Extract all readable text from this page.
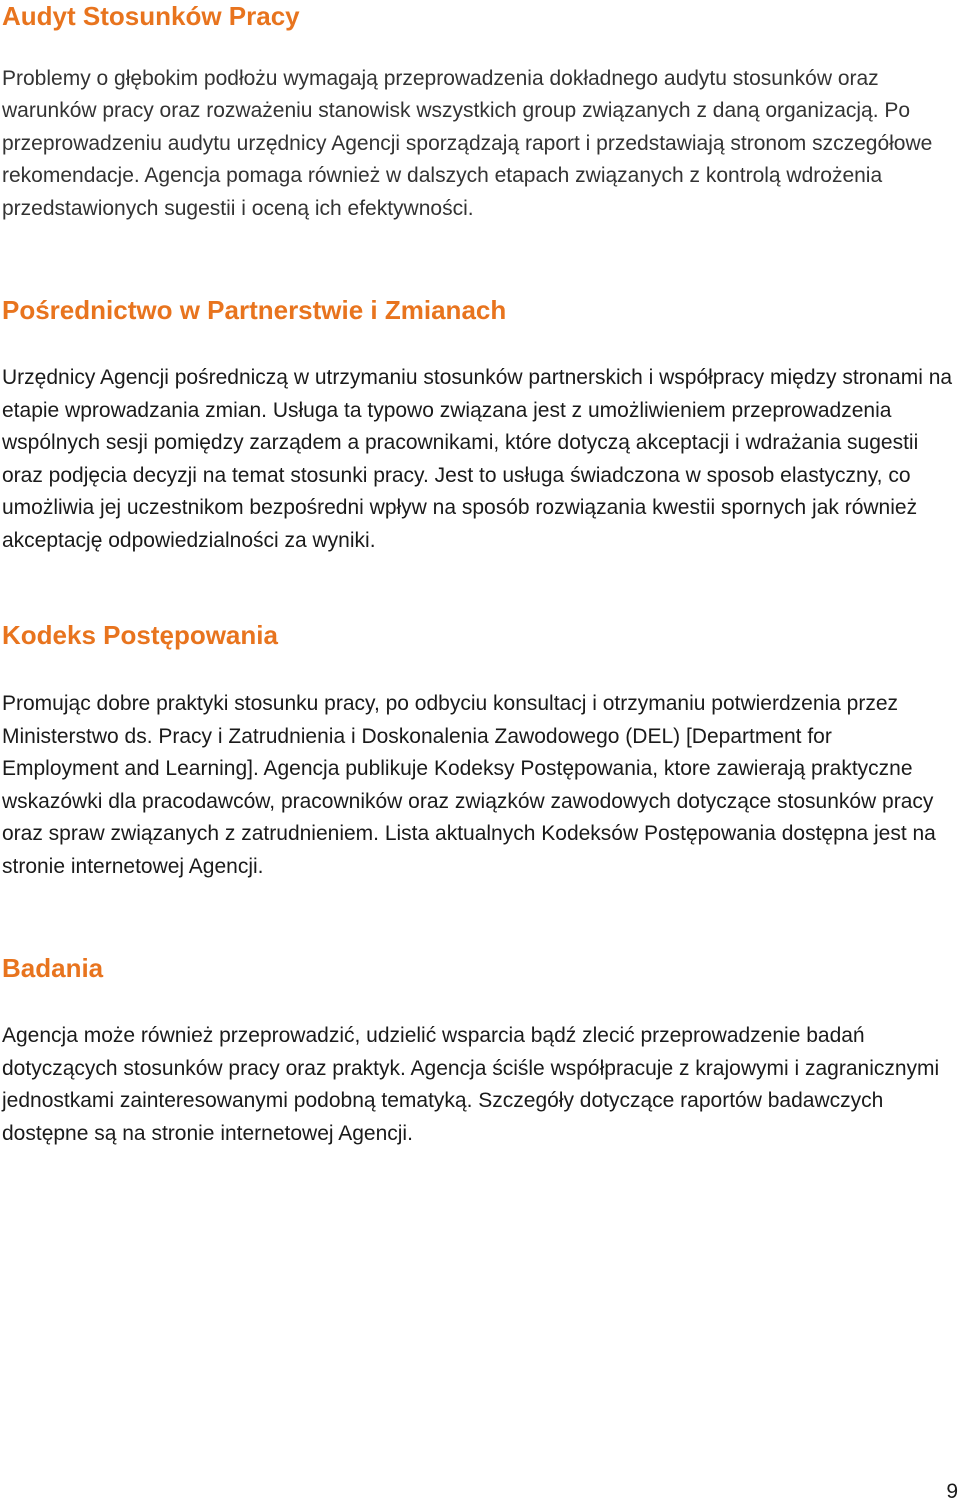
Audyt Stosunków Pracy

Problemy o głębokim podłożu wymagają przeprowadzenia dokładnego audytu stosunków oraz warunków pracy oraz rozważeniu stanowisk wszystkich group związanych z daną organizacją. Po przeprowadzeniu audytu urzędnicy Agencji sporządzają raport i przedstawiają stronom szczegółowe rekomendacje. Agencja pomaga również w dalszych etapach związanych z kontrolą wdrożenia przedstawionych sugestii i oceną ich efektywności.

Pośrednictwo w Partnerstwie i Zmianach

Urzędnicy Agencji pośredniczą w utrzymaniu stosunków partnerskich i współpracy między stronami na etapie wprowadzania zmian. Usługa ta typowo związana jest z umożliwieniem przeprowadzenia wspólnych sesji pomiędzy zarządem a pracownikami, które dotyczą akceptacji i wdrażania sugestii oraz podjęcia decyzji na temat stosunki pracy. Jest to usługa świadczona w sposob elastyczny, co umożliwia jej uczestnikom bezpośredni wpływ na sposób rozwiązania kwestii spornych jak również akceptację odpowiedzialności za wyniki.

Kodeks Postępowania

Promując dobre praktyki stosunku pracy, po odbyciu konsultacj i otrzymaniu potwierdzenia przez Ministerstwo ds. Pracy i Zatrudnienia i Doskonalenia Zawodowego (DEL) [Department for Employment and Learning]. Agencja publikuje Kodeksy Postępowania, ktore zawierają praktyczne wskazówki dla pracodawców, pracowników oraz związków zawodowych dotyczące stosunków pracy oraz spraw związanych z zatrudnieniem. Lista aktualnych Kodeksów Postępowania dostępna jest na stronie internetowej Agencji.

Badania

Agencja może również przeprowadzić, udzielić wsparcia bądź zlecić przeprowadzenie badań dotyczących stosunków pracy oraz praktyk. Agencja ściśle współpracuje z krajowymi i zagranicznymi jednostkami zainteresowanymi podobną tematyką. Szczegóły dotyczące raportów badawczych dostępne są na stronie internetowej Agencji.

9
